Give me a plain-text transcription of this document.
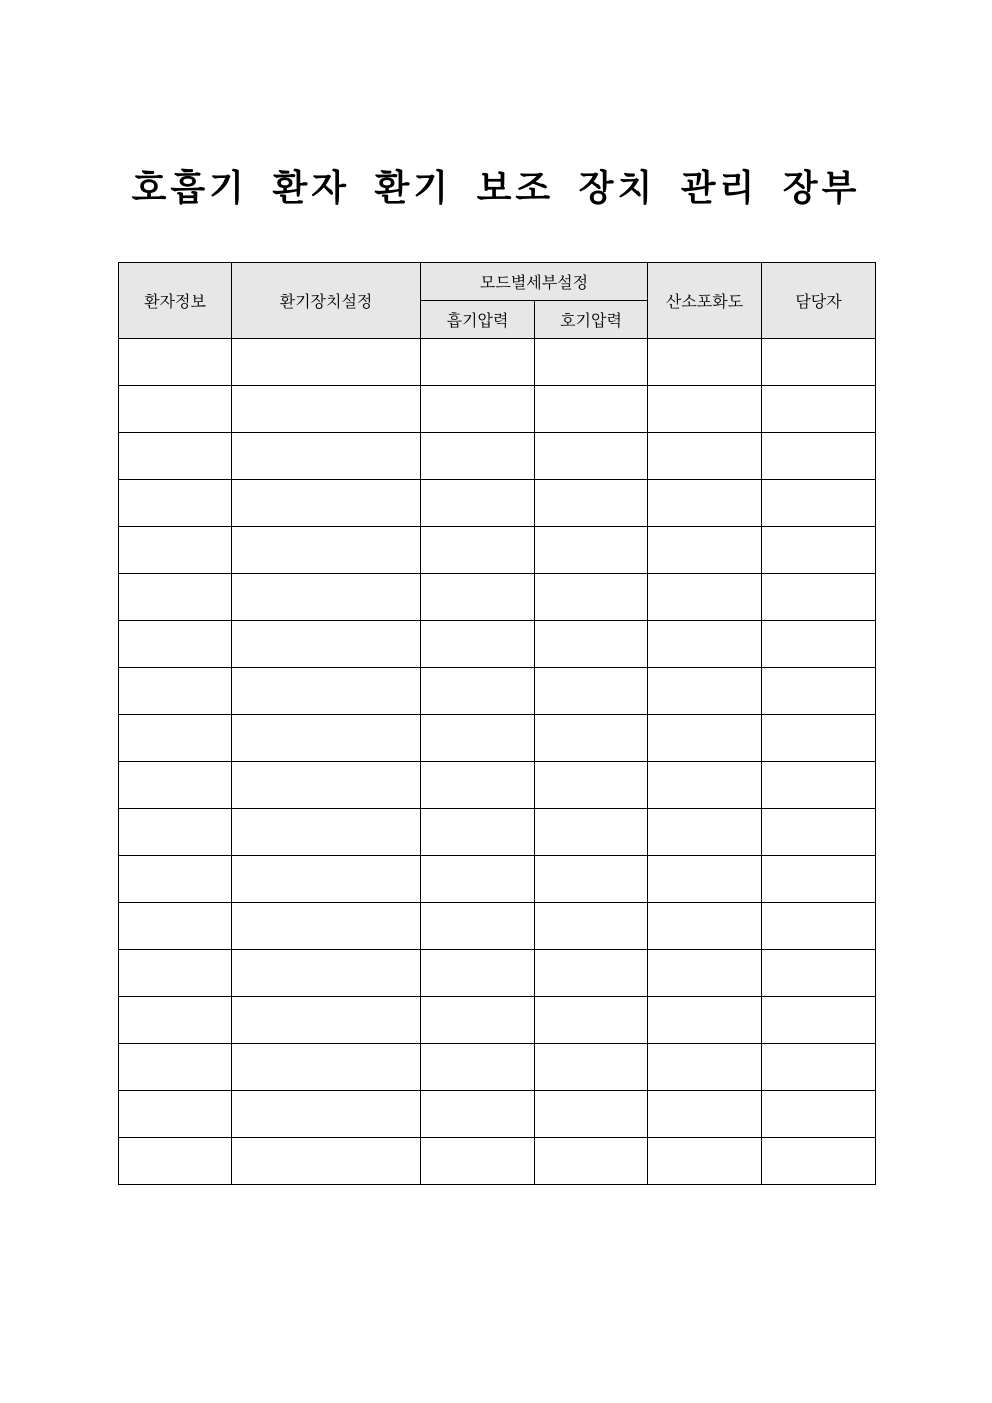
호흡기 환자 환기 보조 장치 관리 장부
환자정보	환기장치설정	모드별세부설정		산소포화도	담당자
		흡기압력	호기압력		
